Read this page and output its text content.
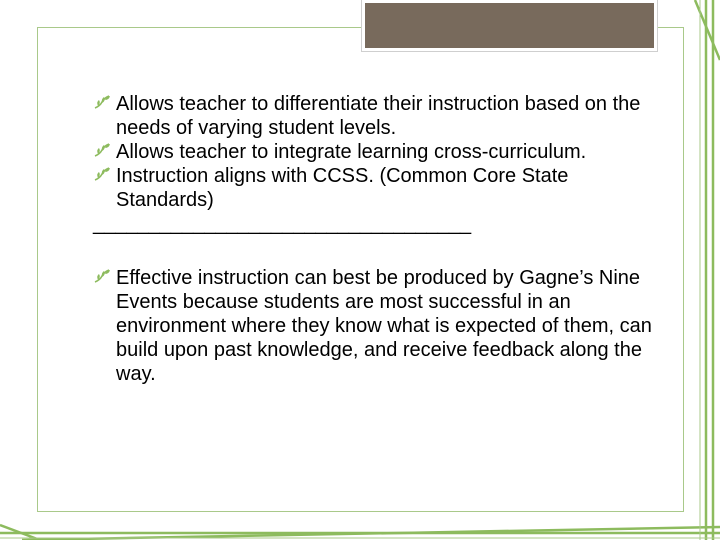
Allows teacher to differentiate their instruction based on the needs of varying student levels.
Allows teacher to integrate learning cross-curriculum.
Instruction aligns with CCSS. (Common Core State Standards)
__________________________________
Effective instruction can best be produced by Gagne’s Nine Events because students are most successful in an environment where they know what is expected of them, can build upon past knowledge, and receive feedback along the way.
